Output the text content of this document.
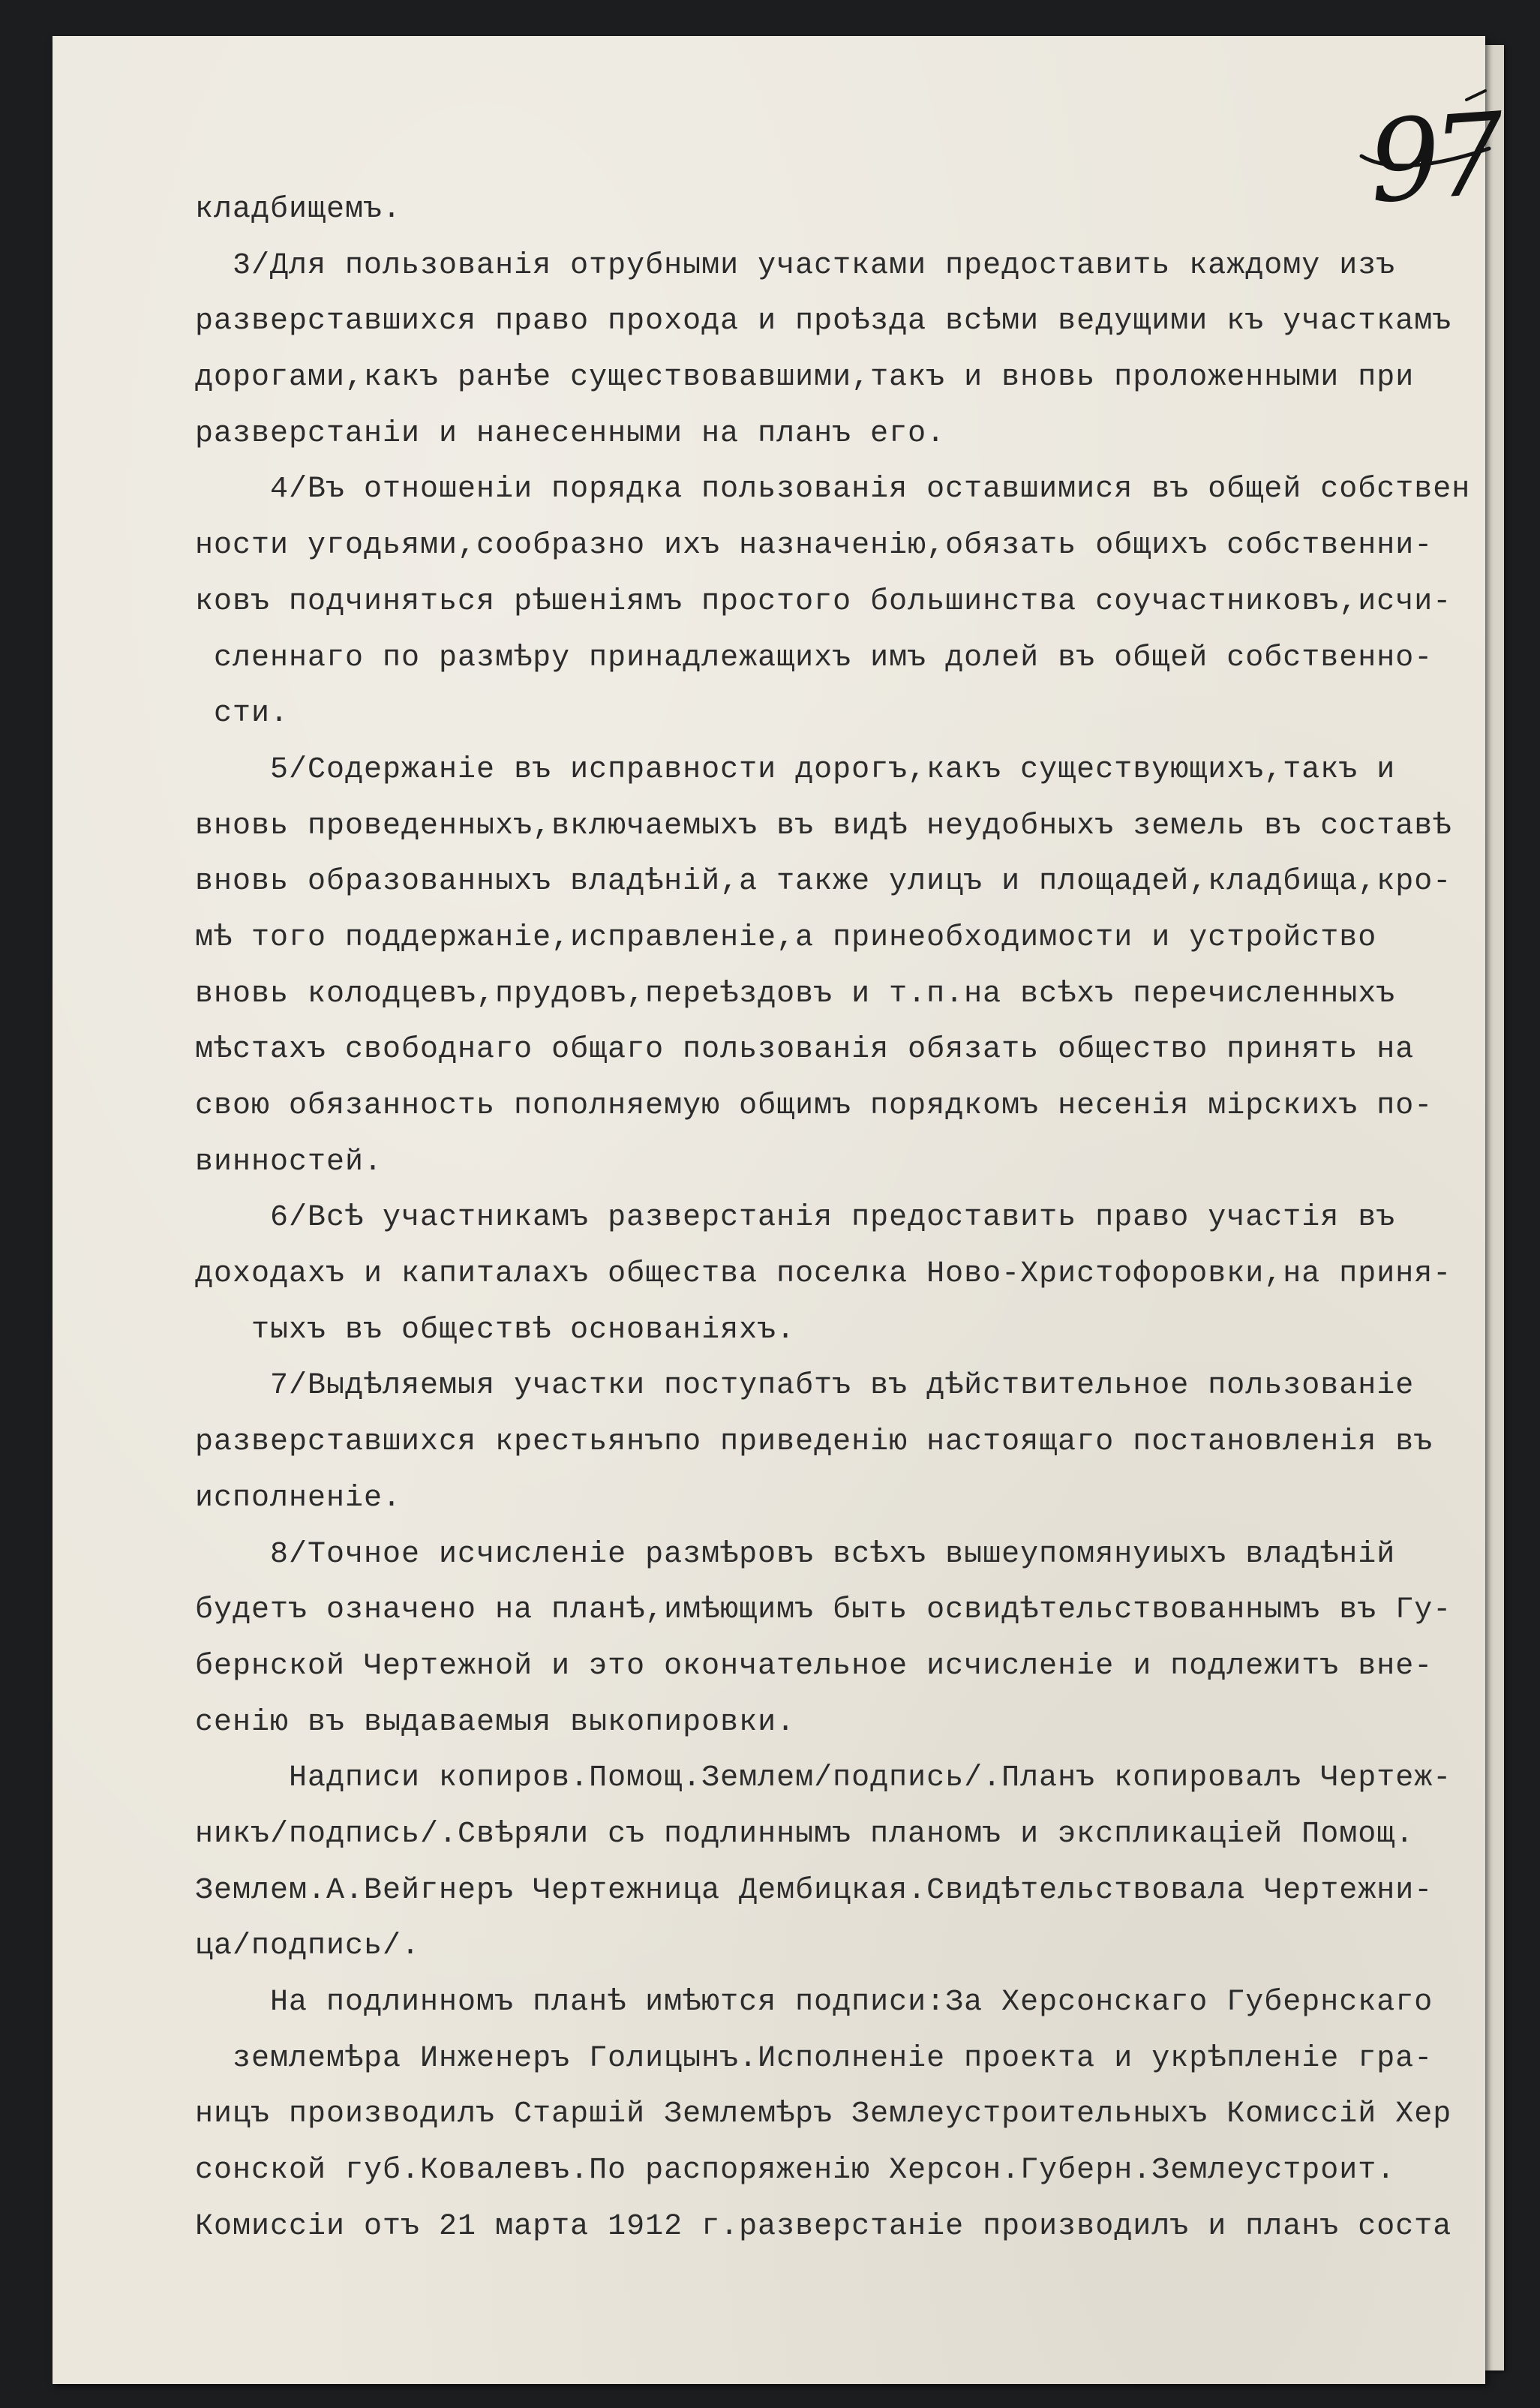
97
кладбищемъ.
3/Для пользованія отрубными участками предоставить каждому изъ
разверставшихся право прохода и проѣзда всѣми ведущими къ участкамъ
дорогами,какъ ранѣе существовавшими,такъ и вновь проложенными при
разверстаніи и нанесенными на планъ его.
4/Въ отношеніи порядка пользованія оставшимися въ общей собствен
ности угодьями,сообразно ихъ назначенію,обязать общихъ собственни-
ковъ подчиняться рѣшеніямъ простого большинства соучастниковъ,исчи-
сленнаго по размѣру принадлежащихъ имъ долей въ общей собственно-
сти.
5/Содержаніе въ исправности дорогъ,какъ существующихъ,такъ и
вновь проведенныхъ,включаемыхъ въ видѣ неудобныхъ земель въ составѣ
вновь образованныхъ владѣній,а также улицъ и площадей,кладбища,кро-
мѣ того поддержаніе,исправленіе,а принеобходимости и устройство
вновь колодцевъ,прудовъ,переѣздовъ и т.п.на всѣхъ перечисленныхъ
мѣстахъ свободнаго общаго пользованія обязать общество принять на
свою обязанность пополняемую общимъ порядкомъ несенія мірскихъ по-
винностей.
6/Всѣ участникамъ разверстанія предоставить право участія въ
доходахъ и капиталахъ общества поселка Ново-Христофоровки,на приня-
тыхъ въ обществѣ основаніяхъ.
7/Выдѣляемыя участки поступабтъ въ дѣйствительное пользованіе
разверставшихся крестьянъпо приведенію настоящаго постановленія въ
исполненіе.
8/Точное исчисленіе размѣровъ всѣхъ вышеупомянуиыхъ владѣній
будетъ означено на планѣ,имѣющимъ быть освидѣтельствованнымъ въ Гу-
бернской Чертежной и это окончательное исчисленіе и подлежитъ вне-
сенію въ выдаваемыя выкопировки.
Надписи копиров.Помощ.Землем/подпись/.Планъ копировалъ Чертеж-
никъ/подпись/.Свѣряли съ подлиннымъ планомъ и экспликаціей Помощ.
Землем.А.Вейгнеръ Чертежница Дембицкая.Свидѣтельствовала Чертежни-
ца/подпись/.
На подлинномъ планѣ имѣются подписи:За Херсонскаго Губернскаго
землемѣра Инженеръ Голицынъ.Исполненіе проекта и укрѣпленіе гра-
ницъ производилъ Старшій Землемѣръ Землеустроительныхъ Комиссій Хер
сонской губ.Ковалевъ.По распоряженію Херсон.Губерн.Землеустроит.
Комиссіи отъ 21 марта 1912 г.разверстаніе производилъ и планъ соста
